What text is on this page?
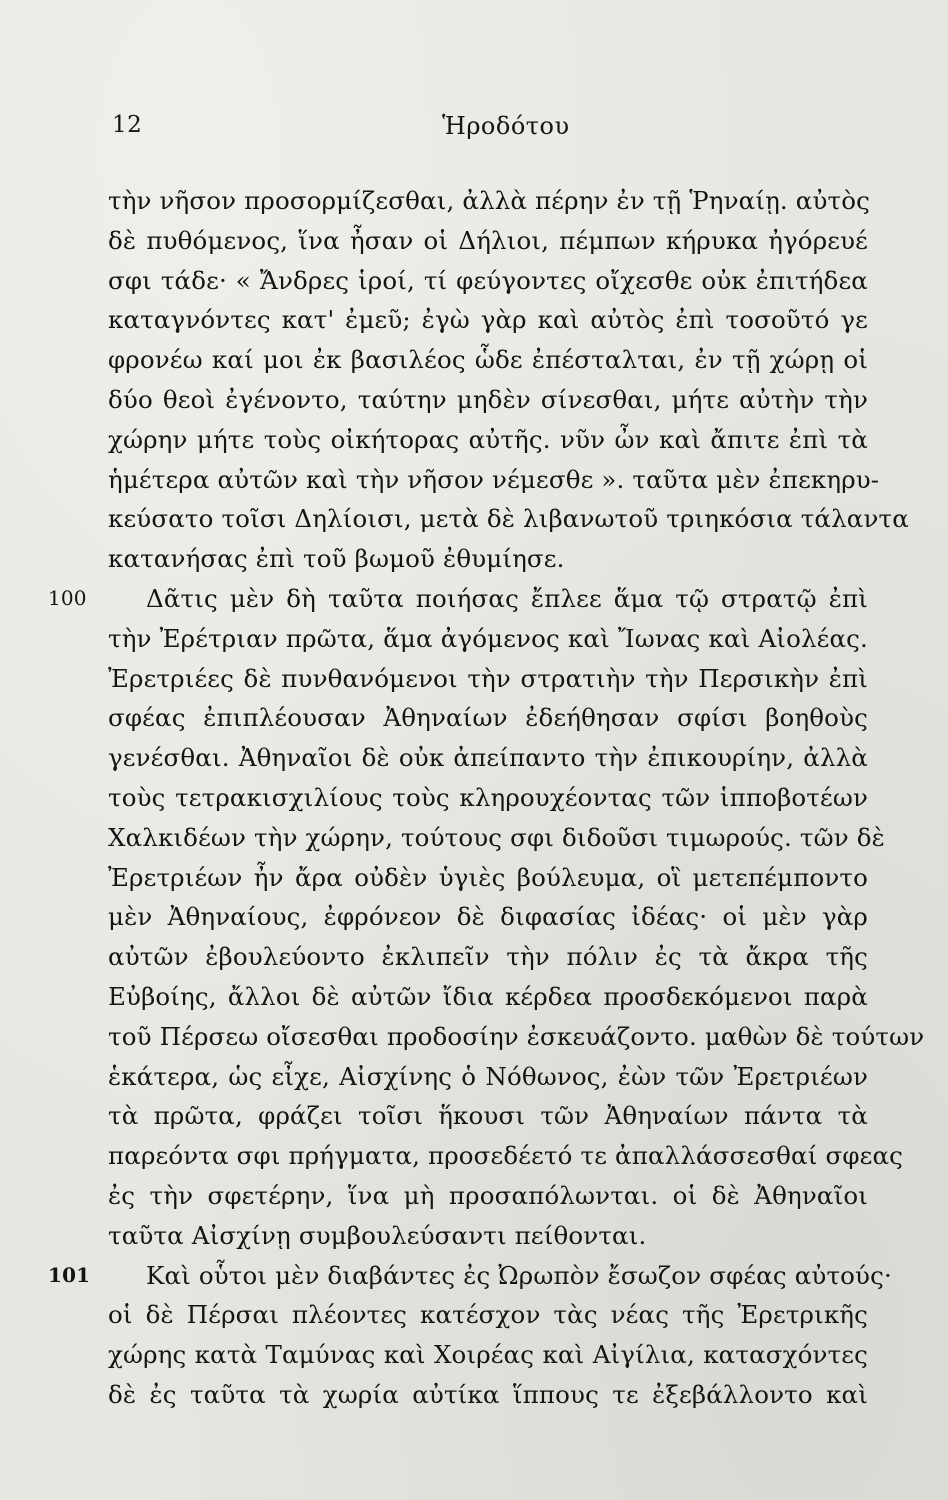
12	Ἡροδότου
τὴν νῆσον προσορμίζεσθαι, ἀλλὰ πέρην ἐν τῇ Ῥηναίῃ. αὐτὸς
δὲ πυθόμενος, ἵνα ἦσαν οἱ Δήλιοι, πέμπων κήρυκα ἠγόρευέ
σφι τάδε· « Ἄνδρες ἱροί, τί φεύγοντες οἴχεσθε οὐκ ἐπιτήδεα
καταγνόντες κατ' ἐμεῦ; ἐγὼ γὰρ καὶ αὐτὸς ἐπὶ τοσοῦτό γε
φρονέω καί μοι ἐκ βασιλέος ὧδε ἐπέσταλται, ἐν τῇ χώρῃ οἱ
δύο θεοὶ ἐγένοντο, ταύτην μηδὲν σίνεσθαι, μήτε αὐτὴν τὴν
χώρην μήτε τοὺς οἰκήτορας αὐτῆς. νῦν ὦν καὶ ἄπιτε ἐπὶ τὰ
ἡμέτερα αὐτῶν καὶ τὴν νῆσον νέμεσθε ». ταῦτα μὲν ἐπεκηρυ-
κεύσατο τοῖσι Δηλίοισι, μετὰ δὲ λιβανωτοῦ τριηκόσια τάλαντα
κατανήσας ἐπὶ τοῦ βωμοῦ ἐθυμίησε.
100	Δᾶτις μὲν δὴ ταῦτα ποιήσας ἔπλεε ἅμα τῷ στρατῷ ἐπὶ
τὴν Ἐρέτριαν πρῶτα, ἅμα ἀγόμενος καὶ Ἴωνας καὶ Αἰολέας.
Ἐρετριέες δὲ πυνθανόμενοι τὴν στρατιὴν τὴν Περσικὴν ἐπὶ
σφέας ἐπιπλέουσαν Ἀθηναίων ἐδεήθησαν σφίσι βοηθοὺς
γενέσθαι. Ἀθηναῖοι δὲ οὐκ ἀπείπαντο τὴν ἐπικουρίην, ἀλλὰ
τοὺς τετρακισχιλίους τοὺς κληρουχέοντας τῶν ἱπποβοτέων
Χαλκιδέων τὴν χώρην, τούτους σφι διδοῦσι τιμωρούς. τῶν δὲ
Ἐρετριέων ἦν ἄρα οὐδὲν ὑγιὲς βούλευμα, οἳ μετεπέμποντο
μὲν Ἀθηναίους, ἐφρόνεον δὲ διφασίας ἰδέας· οἱ μὲν γὰρ
αὐτῶν ἐβουλεύοντο ἐκλιπεῖν τὴν πόλιν ἐς τὰ ἄκρα τῆς
Εὐβοίης, ἄλλοι δὲ αὐτῶν ἴδια κέρδεα προσδεκόμενοι παρὰ
τοῦ Πέρσεω οἴσεσθαι προδοσίην ἐσκευάζοντο. μαθὼν δὲ τούτων
ἑκάτερα, ὡς εἶχε, Αἰσχίνης ὁ Νόθωνος, ἐὼν τῶν Ἐρετριέων
τὰ πρῶτα, φράζει τοῖσι ἥκουσι τῶν Ἀθηναίων πάντα τὰ
παρεόντα σφι πρήγματα, προσεδέετό τε ἀπαλλάσσεσθαί σφεας
ἐς τὴν σφετέρην, ἵνα μὴ προσαπόλωνται. οἱ δὲ Ἀθηναῖοι
ταῦτα Αἰσχίνῃ συμβουλεύσαντι πείθονται.
101	Καὶ οὗτοι μὲν διαβάντες ἐς Ὠρωπὸν ἔσωζον σφέας αὐτούς·
οἱ δὲ Πέρσαι πλέοντες κατέσχον τὰς νέας τῆς Ἐρετρικῆς
χώρης κατὰ Ταμύνας καὶ Χοιρέας καὶ Αἰγίλια, κατασχόντες
δὲ ἐς ταῦτα τὰ χωρία αὐτίκα ἵππους τε ἐξεβάλλοντο καὶ
